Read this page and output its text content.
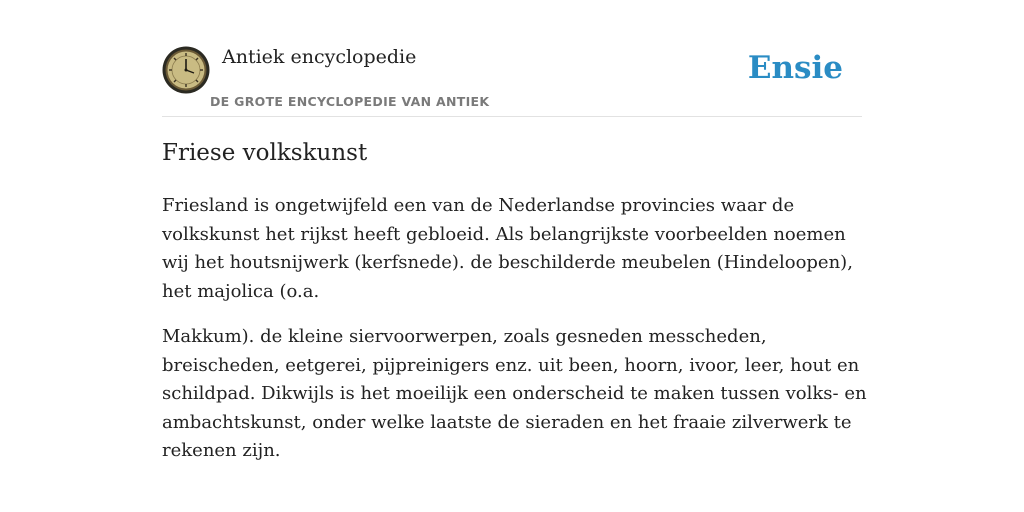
Antiek encyclopedie
DE GROTE ENCYCLOPEDIE VAN ANTIEK
Ensie
Friese volkskunst

Friesland is ongetwijfeld een van de Nederlandse provincies waar de volkskunst het rijkst heeft gebloeid. Als belangrijkste voorbeelden noemen wij het houtsnijwerk (kerfsnede). de beschilderde meubelen (Hindeloopen), het majolica (o.a.

Makkum). de kleine siervoorwerpen, zoals gesneden messcheden, breischeden, eetgerei, pijpreinigers enz. uit been, hoorn, ivoor, leer, hout en schildpad. Dikwijls is het moeilijk een onderscheid te maken tussen volks- en ambachtskunst, onder welke laatste de sieraden en het fraaie zilverwerk te rekenen zijn.
